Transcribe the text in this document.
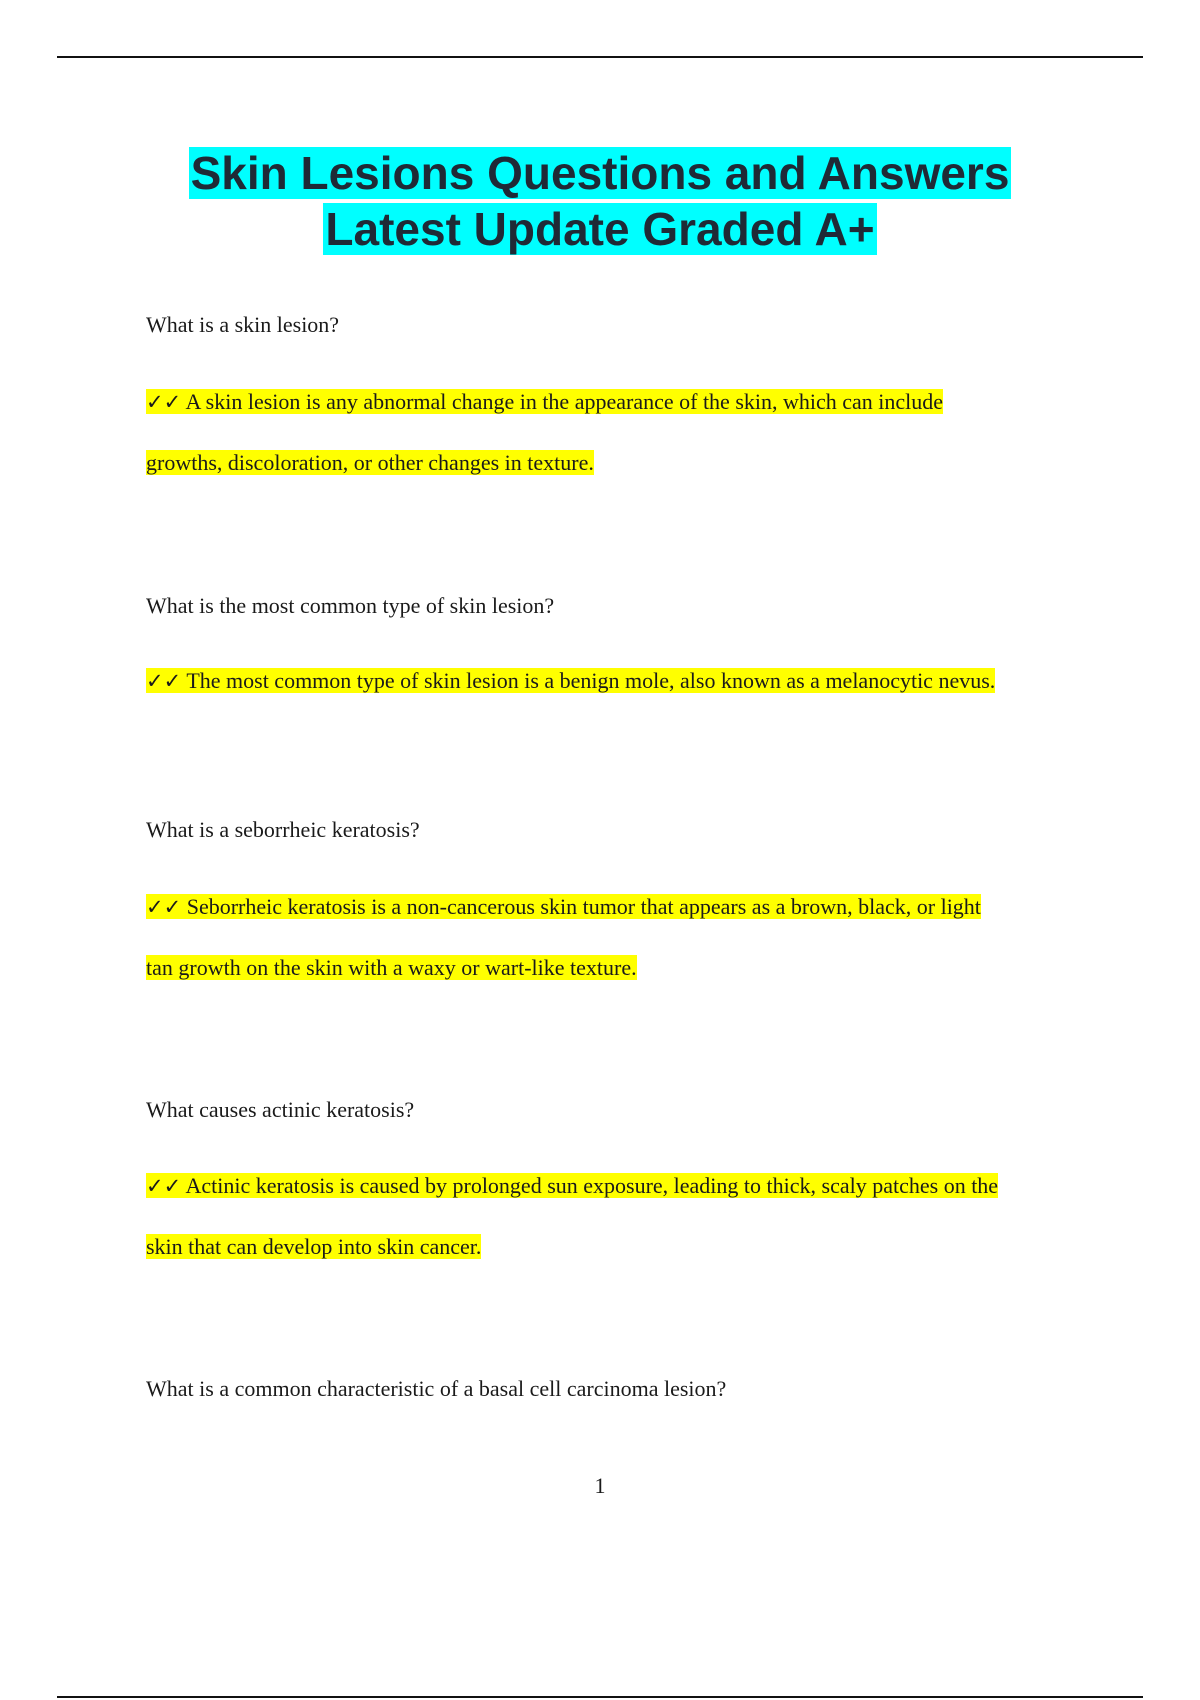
Skin Lesions Questions and Answers
Latest Update Graded A+
What is a skin lesion?
✓✓ A skin lesion is any abnormal change in the appearance of the skin, which can include
growths, discoloration, or other changes in texture.
What is the most common type of skin lesion?
✓✓ The most common type of skin lesion is a benign mole, also known as a melanocytic nevus.
What is a seborrheic keratosis?
✓✓ Seborrheic keratosis is a non-cancerous skin tumor that appears as a brown, black, or light
tan growth on the skin with a waxy or wart-like texture.
What causes actinic keratosis?
✓✓ Actinic keratosis is caused by prolonged sun exposure, leading to thick, scaly patches on the
skin that can develop into skin cancer.
What is a common characteristic of a basal cell carcinoma lesion?
1
